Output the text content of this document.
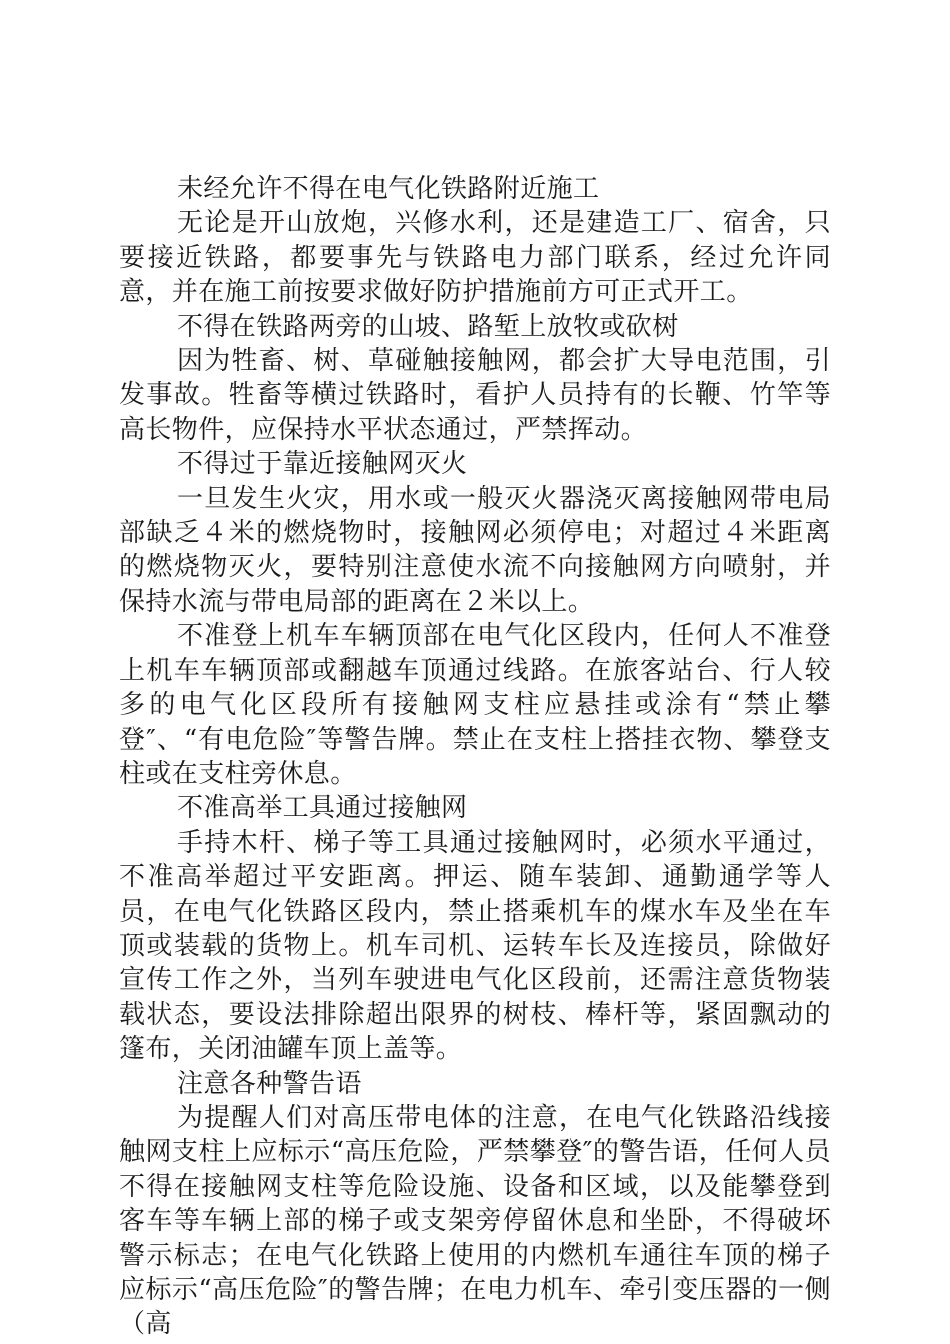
未经允许不得在电气化铁路附近施工

无论是开山放炮，兴修水利，还是建造工厂、宿舍，只要接近铁路，都要事先与铁路电力部门联系，经过允许同意，并在施工前按要求做好防护措施前方可正式开工。

不得在铁路两旁的山坡、路堑上放牧或砍树

因为牲畜、树、草碰触接触网，都会扩大导电范围，引发事故。牲畜等横过铁路时，看护人员持有的长鞭、竹竿等高长物件，应保持水平状态通过，严禁挥动。

不得过于靠近接触网灭火

一旦发生火灾，用水或一般灭火器浇灭离接触网带电局部缺乏４米的燃烧物时，接触网必须停电；对超过４米距离的燃烧物灭火，要特别注意使水流不向接触网方向喷射，并保持水流与带电局部的距离在２米以上。

不准登上机车车辆顶部在电气化区段内，任何人不准登上机车车辆顶部或翻越车顶通过线路。在旅客站台、行人较多的电气化区段所有接触网支柱应悬挂或涂有“禁止攀登″、“有电危险″等警告牌。禁止在支柱上搭挂衣物、攀登支柱或在支柱旁休息。

不准高举工具通过接触网

手持木杆、梯子等工具通过接触网时，必须水平通过，不准高举超过平安距离。押运、随车装卸、通勤通学等人员，在电气化铁路区段内，禁止搭乘机车的煤水车及坐在车顶或装载的货物上。机车司机、运转车长及连接员，除做好宣传工作之外，当列车驶进电气化区段前，还需注意货物装载状态，要设法排除超出限界的树枝、棒杆等，紧固飘动的篷布，关闭油罐车顶上盖等。

注意各种警告语

为提醒人们对高压带电体的注意，在电气化铁路沿线接触网支柱上应标示“高压危险，严禁攀登″的警告语，任何人员不得在接触网支柱等危险设施、设备和区域，以及能攀登到客车等车辆上部的梯子或支架旁停留休息和坐卧，不得破坏警示标志；在电气化铁路上使用的内燃机车通往车顶的梯子应标示“高压危险″的警告牌；在电力机车、牵引变压器的一侧（高
